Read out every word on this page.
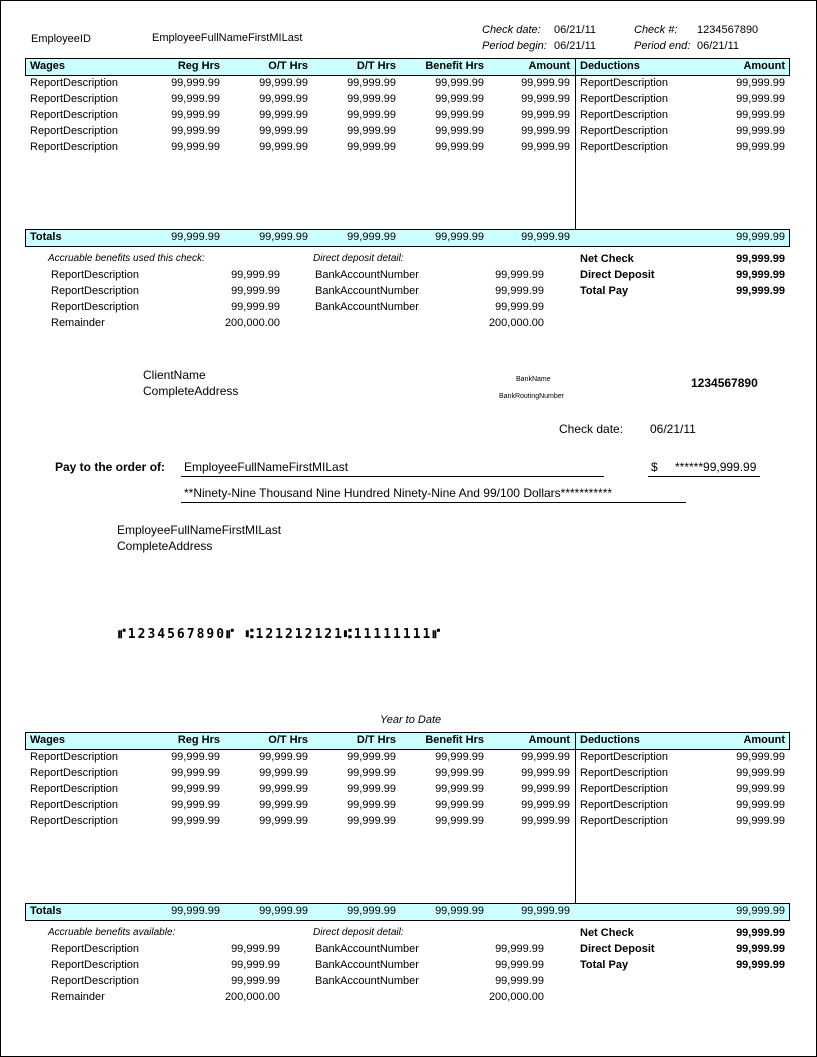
EmployeeID	EmployeeFullNameFirstMILast
Check date: 06/21/11	Check #: 1234567890
Period begin: 06/21/11	Period end: 06/21/11
Wages	Reg Hrs	O/T Hrs	D/T Hrs	Benefit Hrs	Amount Deductions	Amount
ReportDescription	99,999.99	99,999.99	99,999.99	99,999.99	99,999.99 ReportDescription	99,999.99
ReportDescription	99,999.99	99,999.99	99,999.99	99,999.99	99,999.99 ReportDescription	99,999.99
ReportDescription	99,999.99	99,999.99	99,999.99	99,999.99	99,999.99 ReportDescription	99,999.99
ReportDescription	99,999.99	99,999.99	99,999.99	99,999.99	99,999.99 ReportDescription	99,999.99
ReportDescription	99,999.99	99,999.99	99,999.99	99,999.99	99,999.99 ReportDescription	99,999.99
Totals	99,999.99	99,999.99	99,999.99	99,999.99	99,999.99	99,999.99
Accruable benefits used this check:	Direct deposit detail:
ReportDescription	99,999.99	BankAccountNumber	99,999.99
ReportDescription	99,999.99	BankAccountNumber	99,999.99
ReportDescription	99,999.99	BankAccountNumber	99,999.99
Remainder	200,000.00	200,000.00
Net Check	99,999.99
Direct Deposit	99,999.99
Total Pay	99,999.99
ClientName
CompleteAddress
BankName
BankRoutingNumber
1234567890
Check date: 06/21/11
Pay to the order of: EmployeeFullNameFirstMILast	$ ******99,999.99
**Ninety-Nine Thousand Nine Hundred Ninety-Nine And 99/100 Dollars***********
EmployeeFullNameFirstMILast
CompleteAddress
⑈1234567890⑈ ⑆121212121⑆11111111⑈
Year to Date
Wages	Reg Hrs	O/T Hrs	D/T Hrs	Benefit Hrs	Amount Deductions	Amount
ReportDescription	99,999.99	99,999.99	99,999.99	99,999.99	99,999.99 ReportDescription	99,999.99
ReportDescription	99,999.99	99,999.99	99,999.99	99,999.99	99,999.99 ReportDescription	99,999.99
ReportDescription	99,999.99	99,999.99	99,999.99	99,999.99	99,999.99 ReportDescription	99,999.99
ReportDescription	99,999.99	99,999.99	99,999.99	99,999.99	99,999.99 ReportDescription	99,999.99
ReportDescription	99,999.99	99,999.99	99,999.99	99,999.99	99,999.99 ReportDescription	99,999.99
Totals	99,999.99	99,999.99	99,999.99	99,999.99	99,999.99	99,999.99
Accruable benefits available:	Direct deposit detail:
ReportDescription	99,999.99	BankAccountNumber	99,999.99
ReportDescription	99,999.99	BankAccountNumber	99,999.99
ReportDescription	99,999.99	BankAccountNumber	99,999.99
Remainder	200,000.00	200,000.00
Net Check	99,999.99
Direct Deposit	99,999.99
Total Pay	99,999.99
